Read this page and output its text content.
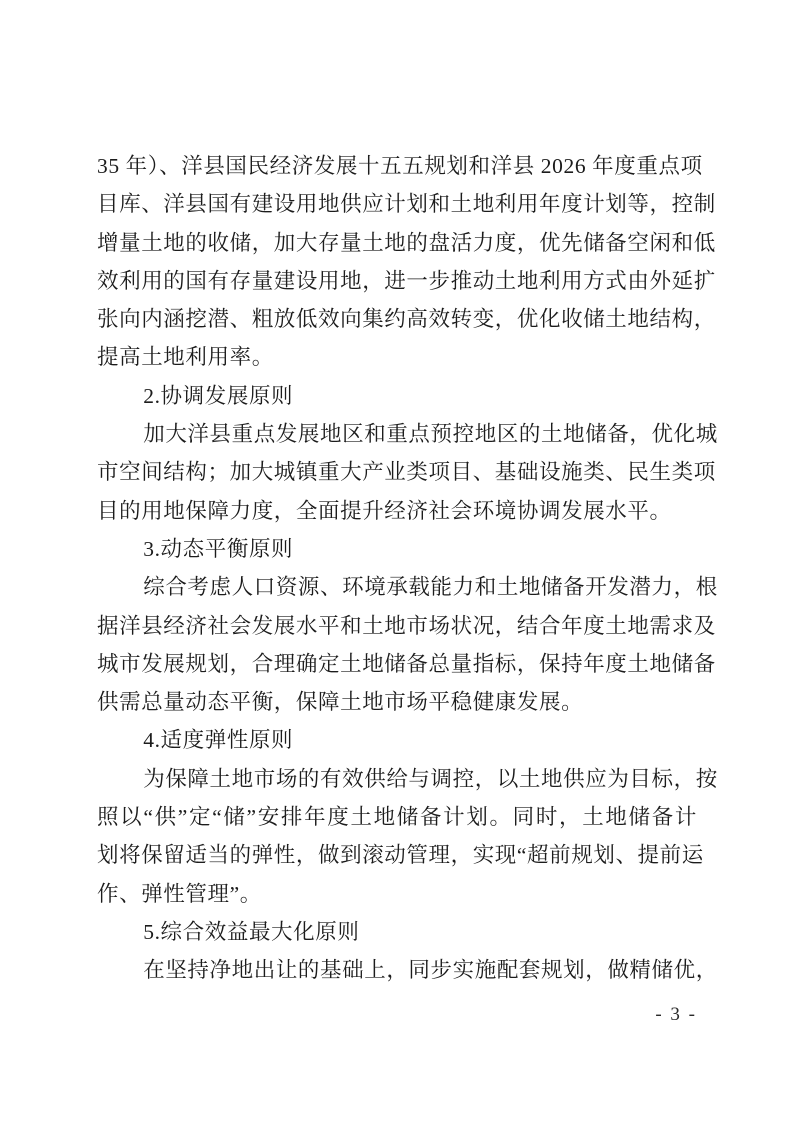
35 年）、洋县国民经济发展十五五规划和洋县 2026 年度重点项
目库、洋县国有建设用地供应计划和土地利用年度计划等，控制
增量土地的收储，加大存量土地的盘活力度，优先储备空闲和低
效利用的国有存量建设用地，进一步推动土地利用方式由外延扩
张向内涵挖潜、粗放低效向集约高效转变，优化收储土地结构，
提高土地利用率。
2.协调发展原则
加大洋县重点发展地区和重点预控地区的土地储备，优化城
市空间结构；加大城镇重大产业类项目、基础设施类、民生类项
目的用地保障力度，全面提升经济社会环境协调发展水平。
3.动态平衡原则
综合考虑人口资源、环境承载能力和土地储备开发潜力，根
据洋县经济社会发展水平和土地市场状况，结合年度土地需求及
城市发展规划，合理确定土地储备总量指标，保持年度土地储备
供需总量动态平衡，保障土地市场平稳健康发展。
4.适度弹性原则
为保障土地市场的有效供给与调控，以土地供应为目标，按
照以“供”定“储”安排年度土地储备计划。同时，土地储备计
划将保留适当的弹性，做到滚动管理，实现“超前规划、提前运
作、弹性管理”。
5.综合效益最大化原则
在坚持净地出让的基础上，同步实施配套规划，做精储优，
- 3 -
